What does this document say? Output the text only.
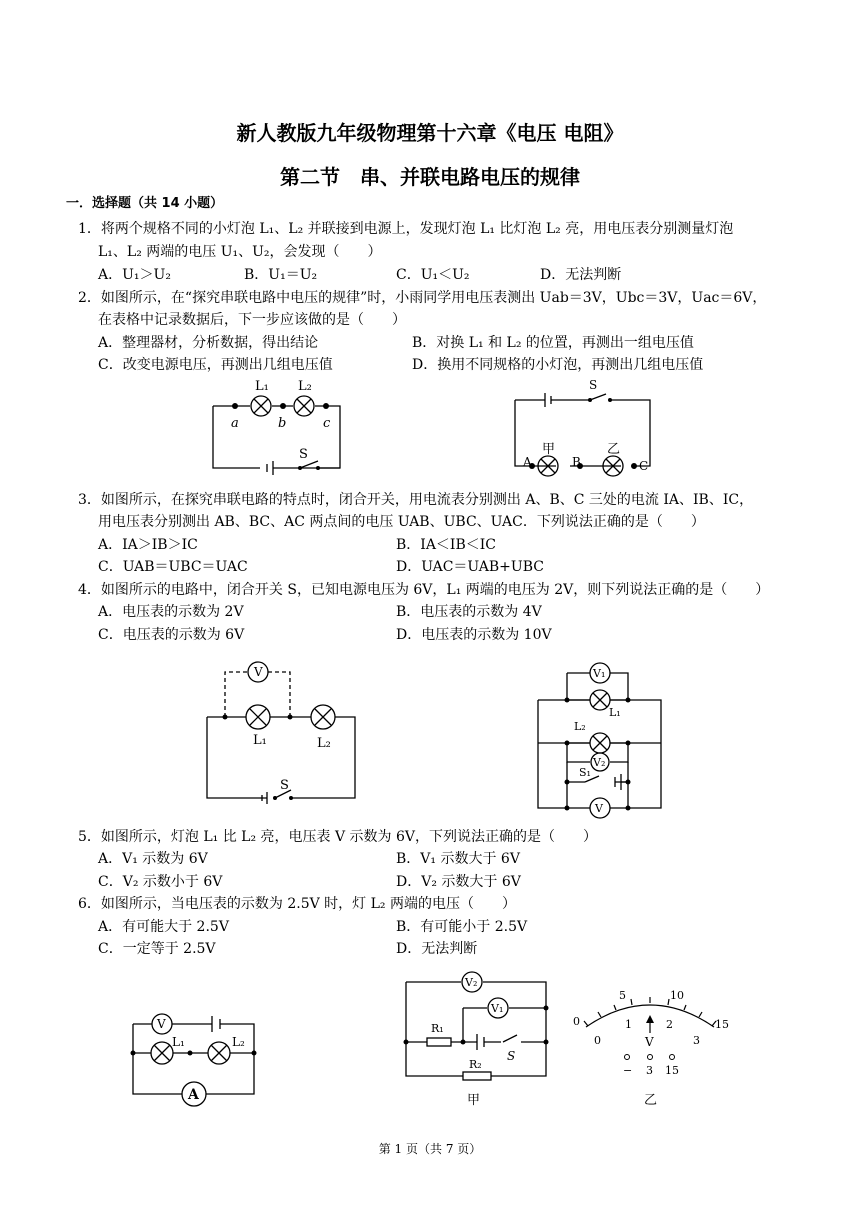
新人教版九年级物理第十六章《电压 电阻》
第二节　串、并联电路电压的规律
一．选择题（共 14 小题）
1．将两个规格不同的小灯泡 L₁、L₂ 并联接到电源上，发现灯泡 L₁ 比灯泡 L₂ 亮，用电压表分别测量灯泡
L₁、L₂ 两端的电压 U₁、U₂，会发现（　　）
A．U₁＞U₂	B．U₁＝U₂	C．U₁＜U₂	D．无法判断
2．如图所示，在“探究串联电路中电压的规律”时，小雨同学用电压表测出 Uab＝3V，Ubc＝3V，Uac＝6V，
在表格中记录数据后，下一步应该做的是（　　）
A．整理器材，分析数据，得出结论	B．对换 L₁ 和 L₂ 的位置，再测出一组电压值
C．改变电源电压，再测出几组电压值	D．换用不同规格的小灯泡，再测出几组电压值
L₁ L₂
a	b	c
S
S
甲	乙
A	B	C
3．如图所示，在探究串联电路的特点时，闭合开关，用电流表分别测出 A、B、C 三处的电流 IA、IB、IC，
用电压表分别测出 AB、BC、AC 两点间的电压 UAB、UBC、UAC．下列说法正确的是（　　）
A．IA＞IB＞IC	B．IA＜IB＜IC
C．UAB＝UBC＝UAC	D．UAC＝UAB+UBC
4．如图所示的电路中，闭合开关 S，已知电源电压为 6V，L₁ 两端的电压为 2V，则下列说法正确的是（　　）
A．电压表的示数为 2V	B．电压表的示数为 4V
C．电压表的示数为 6V	D．电压表的示数为 10V
V
L₁	L₂
S
V₁
L₁
L₂
V₂
S₁
V
5．如图所示，灯泡 L₁ 比 L₂ 亮，电压表 V 示数为 6V，下列说法正确的是（　　）
A．V₁ 示数为 6V	B．V₁ 示数大于 6V
C．V₂ 示数小于 6V	D．V₂ 示数大于 6V
6．如图所示，当电压表的示数为 2.5V 时，灯 L₂ 两端的电压（　　）
A．有可能大于 2.5V	B．有可能小于 2.5V
C．一定等于 2.5V	D．无法判断
V
L₁	L₂
A
V₂
V₁
R₁
S
R₂
甲
0
5	10
15
0
1	2
3
V
− 3 15
乙
第 1 页（共 7 页）
